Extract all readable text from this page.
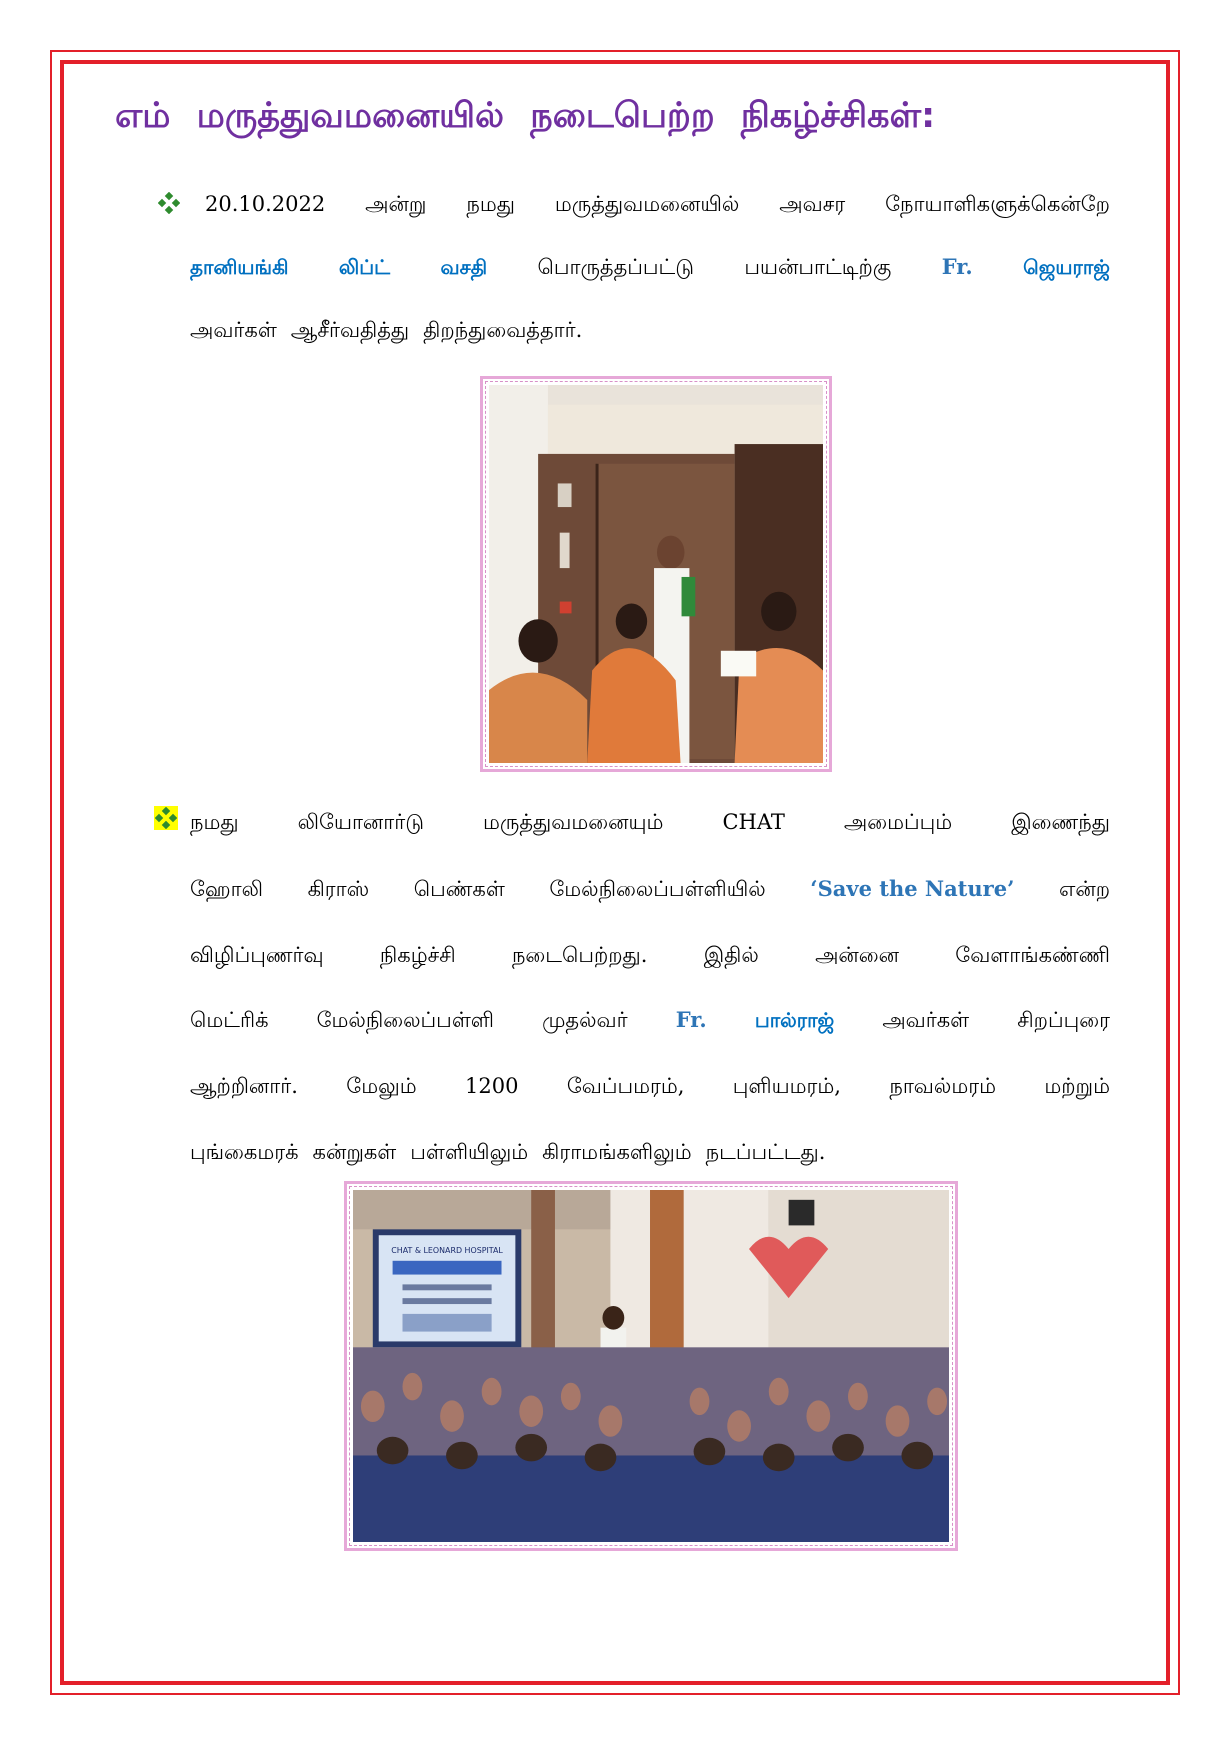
எம் மருத்துவமனையில் நடைபெற்ற நிகழ்ச்சிகள்:
20.10.2022 அன்று நமது மருத்துவமனையில் அவசர நோயாளிகளுக்கென்றே
தானியங்கி	லிப்ட்	வசதி பொருத்தப்பட்டு பயன்பாட்டிற்கு Fr.	ஜெயராஜ்
அவர்கள் ஆசீர்வதித்து திறந்துவைத்தார்.
நமது	லியோனார்டு	மருத்துவமனையும்	CHAT	அமைப்பும்	இணைந்து
ஹோலி கிராஸ் பெண்கள் மேல்நிலைப்பள்ளியில் ‘Save the Nature’ என்ற
விழிப்புணர்வு	நிகழ்ச்சி	நடைபெற்றது.	இதில்	அன்னை	வேளாங்கண்ணி
மெட்ரிக் மேல்நிலைப்பள்ளி முதல்வர் Fr. பால்ராஜ் அவர்கள் சிறப்புரை
ஆற்றினார். மேலும் 1200 வேப்பமரம், புளியமரம், நாவல்மரம் மற்றும்
புங்கைமரக் கன்றுகள் பள்ளியிலும் கிராமங்களிலும் நடப்பட்டது.
CHAT & LEONARD HOSPITAL
